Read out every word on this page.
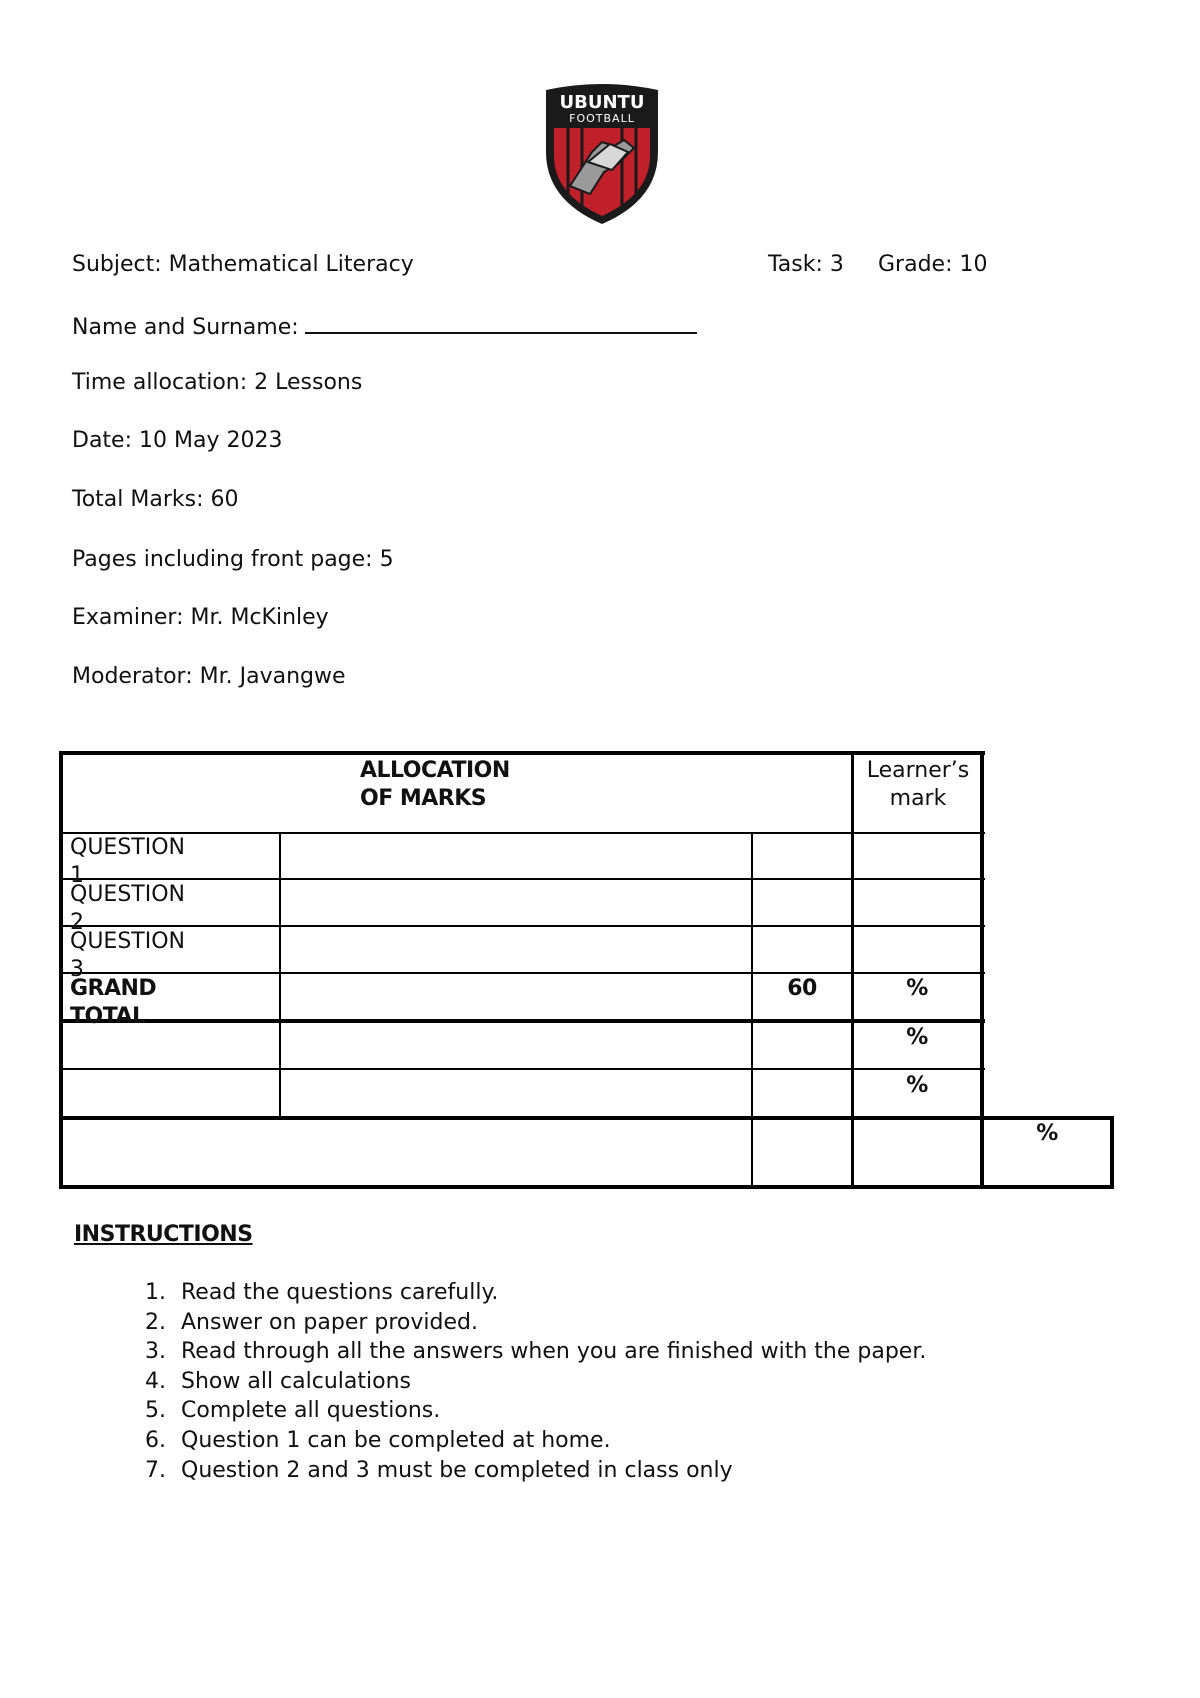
UBUNTU
FOOTBALL
Subject: Mathematical Literacy	Task: 3 Grade: 10
Name and Surname:
Time allocation: 2 Lessons
Date: 10 May 2023
Total Marks: 60
Pages including front page: 5
Examiner: Mr. McKinley
Moderator: Mr. Javangwe
ALLOCATION OF MARKS
Learner’s mark
QUESTION 1
QUESTION 2
QUESTION 3
GRAND TOTAL
60	%
%
%
%
INSTRUCTIONS
1. Read the questions carefully.
2. Answer on paper provided.
3. Read through all the answers when you are finished with the paper.
4. Show all calculations
5. Complete all questions.
6. Question 1 can be completed at home.
7. Question 2 and 3 must be completed in class only
